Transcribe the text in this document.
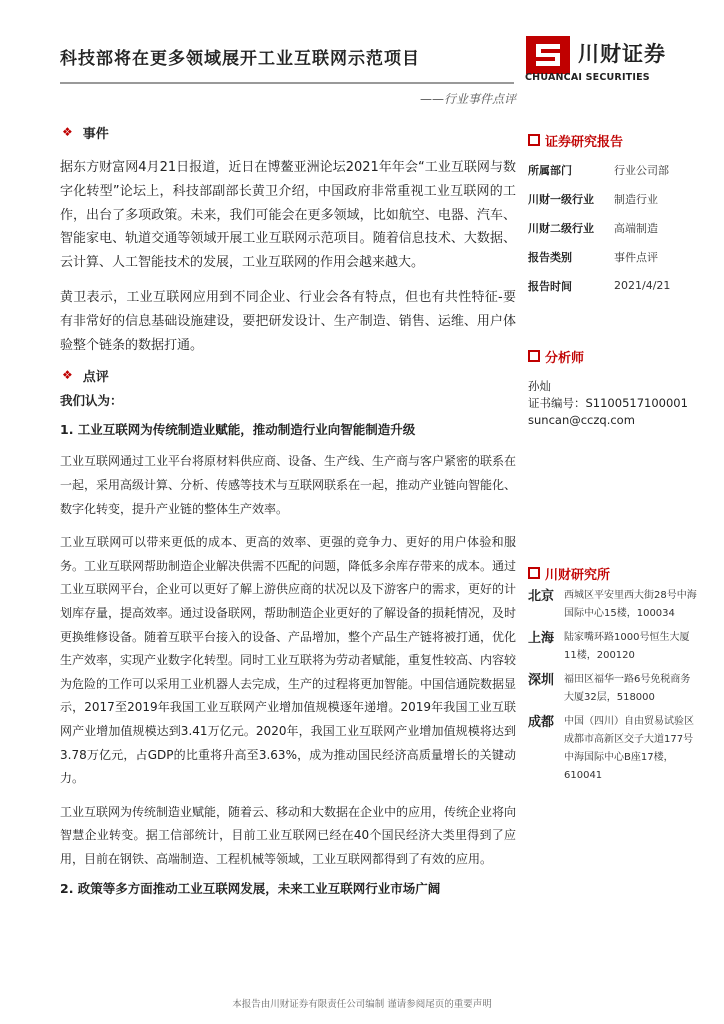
科技部将在更多领域展开工业互联网示范项目
——行业事件点评
川财证券
CHUANCAI SECURITIES
❖ 事件

据东方财富网4月21日报道，近日在博鳌亚洲论坛2021年年会“工业互联网与数字化转型”论坛上，科技部副部长黄卫介绍，中国政府非常重视工业互联网的工作，出台了多项政策。未来，我们可能会在更多领域，比如航空、电器、汽车、智能家电、轨道交通等领域开展工业互联网示范项目。随着信息技术、大数据、云计算、人工智能技术的发展，工业互联网的作用会越来越大。

黄卫表示，工业互联网应用到不同企业、行业会各有特点，但也有共性特征-要有非常好的信息基础设施建设，要把研发设计、生产制造、销售、运维、用户体验整个链条的数据打通。

❖ 点评
我们认为：
1. 工业互联网为传统制造业赋能，推动制造行业向智能制造升级

工业互联网通过工业平台将原材料供应商、设备、生产线、生产商与客户紧密的联系在一起，采用高级计算、分析、传感等技术与互联网联系在一起，推动产业链向智能化、数字化转变，提升产业链的整体生产效率。

工业互联网可以带来更低的成本、更高的效率、更强的竞争力、更好的用户体验和服务。工业互联网帮助制造企业解决供需不匹配的问题，降低多余库存带来的成本。通过工业互联网平台，企业可以更好了解上游供应商的状况以及下游客户的需求，更好的计划库存量，提高效率。通过设备联网，帮助制造企业更好的了解设备的损耗情况，及时更换维修设备。随着互联平台接入的设备、产品增加，整个产品生产链将被打通，优化生产效率，实现产业数字化转型。同时工业互联将为劳动者赋能，重复性较高、内容较为危险的工作可以采用工业机器人去完成，生产的过程将更加智能。中国信通院数据显示，2017至2019年我国工业互联网产业增加值规模逐年递增。2019年我国工业互联网产业增加值规模达到3.41万亿元。2020年，我国工业互联网产业增加值规模将达到3.78万亿元，占GDP的比重将升高至3.63%，成为推动国民经济高质量增长的关键动力。

工业互联网为传统制造业赋能，随着云、移动和大数据在企业中的应用，传统企业将向智慧企业转变。据工信部统计，目前工业互联网已经在40个国民经济大类里得到了应用，目前在钢铁、高端制造、工程机械等领域，工业互联网都得到了有效的应用。

2. 政策等多方面推动工业互联网发展，未来工业互联网行业市场广阔
证券研究报告
所属部门	行业公司部
川财一级行业	制造行业
川财二级行业	高端制造
报告类别	事件点评
报告时间	2021/4/21
分析师
孙灿
证书编号：S1100517100001
suncan@cczq.com
川财研究所
北京 西城区平安里西大街28号中海国际中心15楼，100034
上海 陆家嘴环路1000号恒生大厦11楼，200120
深圳 福田区福华一路6号免税商务大厦32层，518000
成都 中国（四川）自由贸易试验区成都市高新区交子大道177号中海国际中心B座17楼，610041
本报告由川财证券有限责任公司编制 谨请参阅尾页的重要声明
